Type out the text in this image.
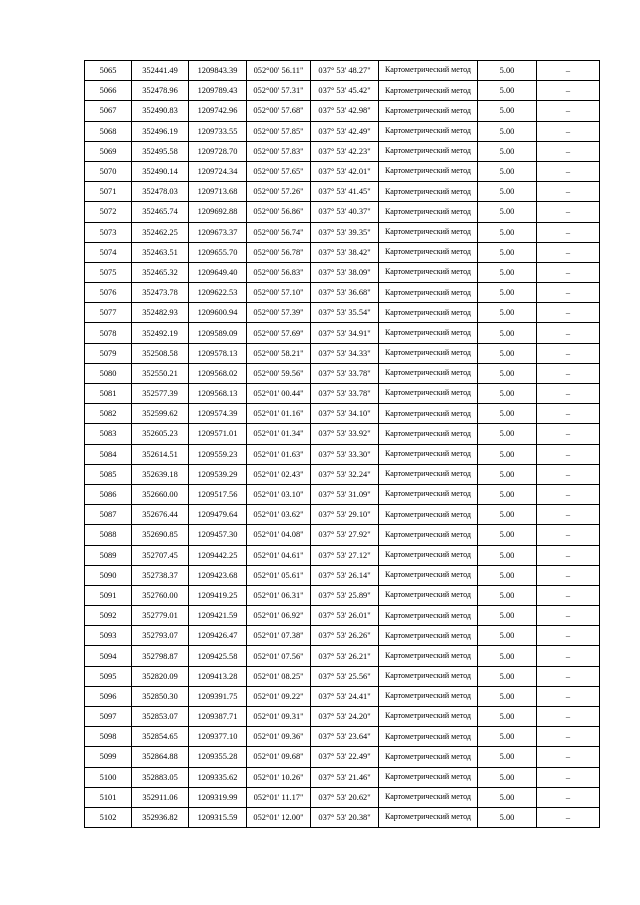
5065	352441.49	1209843.39	052°00' 56.11"	037° 53' 48.27"	Картометрический метод	5.00	–
5066	352478.96	1209789.43	052°00' 57.31"	037° 53' 45.42"	Картометрический метод	5.00	–
5067	352490.83	1209742.96	052°00' 57.68"	037° 53' 42.98"	Картометрический метод	5.00	–
5068	352496.19	1209733.55	052°00' 57.85"	037° 53' 42.49"	Картометрический метод	5.00	–
5069	352495.58	1209728.70	052°00' 57.83"	037° 53' 42.23"	Картометрический метод	5.00	–
5070	352490.14	1209724.34	052°00' 57.65"	037° 53' 42.01"	Картометрический метод	5.00	–
5071	352478.03	1209713.68	052°00' 57.26"	037° 53' 41.45"	Картометрический метод	5.00	–
5072	352465.74	1209692.88	052°00' 56.86"	037° 53' 40.37"	Картометрический метод	5.00	–
5073	352462.25	1209673.37	052°00' 56.74"	037° 53' 39.35"	Картометрический метод	5.00	–
5074	352463.51	1209655.70	052°00' 56.78"	037° 53' 38.42"	Картометрический метод	5.00	–
5075	352465.32	1209649.40	052°00' 56.83"	037° 53' 38.09"	Картометрический метод	5.00	–
5076	352473.78	1209622.53	052°00' 57.10"	037° 53' 36.68"	Картометрический метод	5.00	–
5077	352482.93	1209600.94	052°00' 57.39"	037° 53' 35.54"	Картометрический метод	5.00	–
5078	352492.19	1209589.09	052°00' 57.69"	037° 53' 34.91"	Картометрический метод	5.00	–
5079	352508.58	1209578.13	052°00' 58.21"	037° 53' 34.33"	Картометрический метод	5.00	–
5080	352550.21	1209568.02	052°00' 59.56"	037° 53' 33.78"	Картометрический метод	5.00	–
5081	352577.39	1209568.13	052°01' 00.44"	037° 53' 33.78"	Картометрический метод	5.00	–
5082	352599.62	1209574.39	052°01' 01.16"	037° 53' 34.10"	Картометрический метод	5.00	–
5083	352605.23	1209571.01	052°01' 01.34"	037° 53' 33.92"	Картометрический метод	5.00	–
5084	352614.51	1209559.23	052°01' 01.63"	037° 53' 33.30"	Картометрический метод	5.00	–
5085	352639.18	1209539.29	052°01' 02.43"	037° 53' 32.24"	Картометрический метод	5.00	–
5086	352660.00	1209517.56	052°01' 03.10"	037° 53' 31.09"	Картометрический метод	5.00	–
5087	352676.44	1209479.64	052°01' 03.62"	037° 53' 29.10"	Картометрический метод	5.00	–
5088	352690.85	1209457.30	052°01' 04.08"	037° 53' 27.92"	Картометрический метод	5.00	–
5089	352707.45	1209442.25	052°01' 04.61"	037° 53' 27.12"	Картометрический метод	5.00	–
5090	352738.37	1209423.68	052°01' 05.61"	037° 53' 26.14"	Картометрический метод	5.00	–
5091	352760.00	1209419.25	052°01' 06.31"	037° 53' 25.89"	Картометрический метод	5.00	–
5092	352779.01	1209421.59	052°01' 06.92"	037° 53' 26.01"	Картометрический метод	5.00	–
5093	352793.07	1209426.47	052°01' 07.38"	037° 53' 26.26"	Картометрический метод	5.00	–
5094	352798.87	1209425.58	052°01' 07.56"	037° 53' 26.21"	Картометрический метод	5.00	–
5095	352820.09	1209413.28	052°01' 08.25"	037° 53' 25.56"	Картометрический метод	5.00	–
5096	352850.30	1209391.75	052°01' 09.22"	037° 53' 24.41"	Картометрический метод	5.00	–
5097	352853.07	1209387.71	052°01' 09.31"	037° 53' 24.20"	Картометрический метод	5.00	–
5098	352854.65	1209377.10	052°01' 09.36"	037° 53' 23.64"	Картометрический метод	5.00	–
5099	352864.88	1209355.28	052°01' 09.68"	037° 53' 22.49"	Картометрический метод	5.00	–
5100	352883.05	1209335.62	052°01' 10.26"	037° 53' 21.46"	Картометрический метод	5.00	–
5101	352911.06	1209319.99	052°01' 11.17"	037° 53' 20.62"	Картометрический метод	5.00	–
5102	352936.82	1209315.59	052°01' 12.00"	037° 53' 20.38"	Картометрический метод	5.00	–
